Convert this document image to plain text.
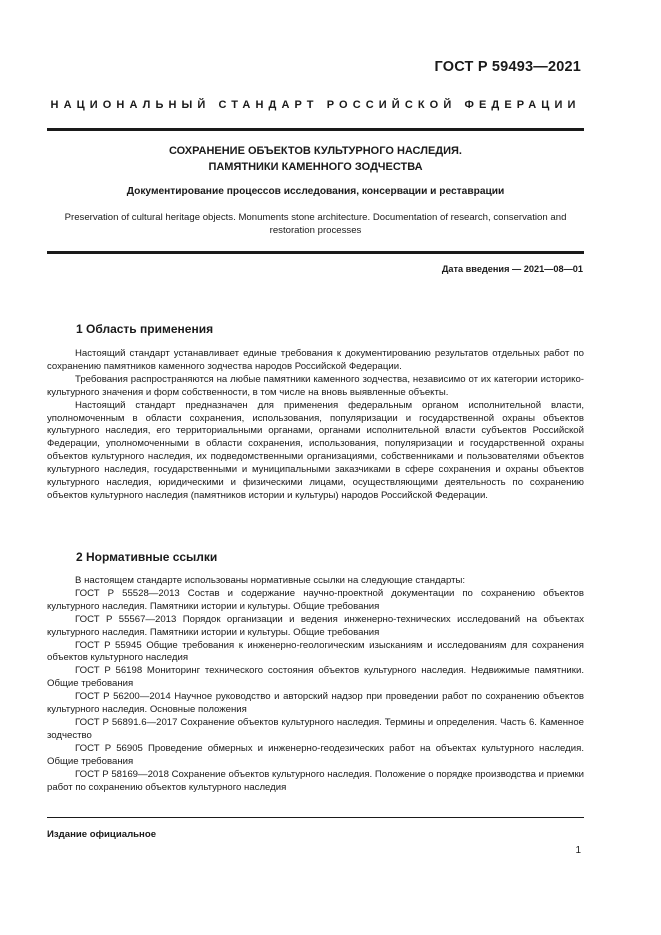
ГОСТ Р 59493—2021
НАЦИОНАЛЬНЫЙ СТАНДАРТ РОССИЙСКОЙ ФЕДЕРАЦИИ
СОХРАНЕНИЕ ОБЪЕКТОВ КУЛЬТУРНОГО НАСЛЕДИЯ.
ПАМЯТНИКИ КАМЕННОГО ЗОДЧЕСТВА
Документирование процессов исследования, консервации и реставрации
Preservation of cultural heritage objects. Monuments stone architecture. Documentation of research, conservation and restoration processes
Дата введения — 2021—08—01
1 Область применения

Настоящий стандарт устанавливает единые требования к документированию результатов отдельных работ по сохранению памятников каменного зодчества народов Российской Федерации.

Требования распространяются на любые памятники каменного зодчества, независимо от их категории историко-культурного значения и форм собственности, в том числе на вновь выявленные объекты.

Настоящий стандарт предназначен для применения федеральным органом исполнительной власти, уполномоченным в области сохранения, использования, популяризации и государственной охраны объектов культурного наследия, его территориальными органами, органами исполнительной власти субъектов Российской Федерации, уполномоченными в области сохранения, использования, популяризации и государственной охраны объектов культурного наследия, их подведомственными организациями, собственниками и пользователями объектов культурного наследия, государственными и муниципальными заказчиками в сфере сохранения и охраны объектов культурного наследия, юридическими и физическими лицами, осуществляющими деятельность по сохранению объектов культурного наследия (памятников истории и культуры) народов Российской Федерации.

2 Нормативные ссылки

В настоящем стандарте использованы нормативные ссылки на следующие стандарты:

ГОСТ Р 55528—2013 Состав и содержание научно-проектной документации по сохранению объектов культурного наследия. Памятники истории и культуры. Общие требования

ГОСТ Р 55567—2013 Порядок организации и ведения инженерно-технических исследований на объектах культурного наследия. Памятники истории и культуры. Общие требования

ГОСТ Р 55945 Общие требования к инженерно-геологическим изысканиям и исследованиям для сохранения объектов культурного наследия

ГОСТ Р 56198 Мониторинг технического состояния объектов культурного наследия. Недвижимые памятники. Общие требования

ГОСТ Р 56200—2014 Научное руководство и авторский надзор при проведении работ по сохранению объектов культурного наследия. Основные положения

ГОСТ Р 56891.6—2017 Сохранение объектов культурного наследия. Термины и определения. Часть 6. Каменное зодчество

ГОСТ Р 56905 Проведение обмерных и инженерно-геодезических работ на объектах культурного наследия. Общие требования

ГОСТ Р 58169—2018 Сохранение объектов культурного наследия. Положение о порядке производства и приемки работ по сохранению объектов культурного наследия

Издание официальное
1
